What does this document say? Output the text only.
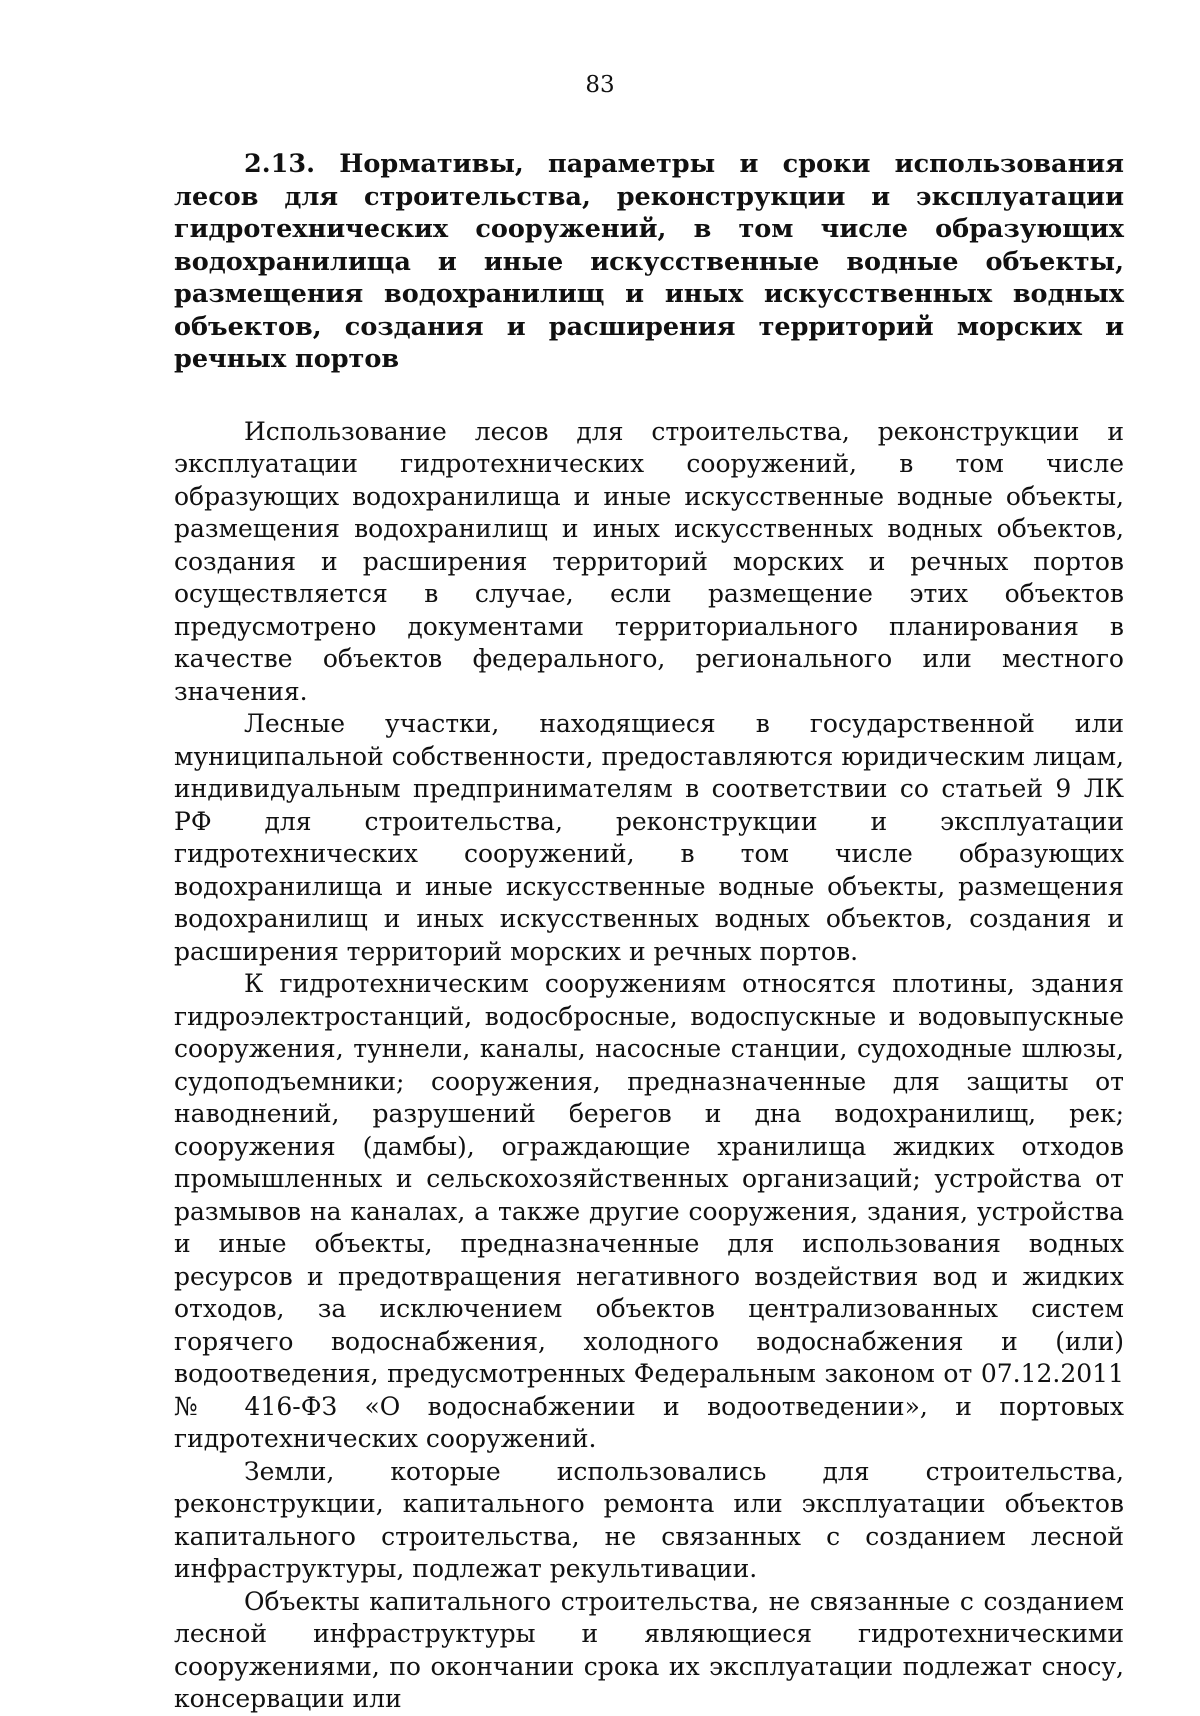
83

2.13. Нормативы, параметры и сроки использования лесов для строительства, реконструкции и эксплуатации гидротехнических сооружений, в том числе образующих водохранилища и иные искусственные водные объекты, размещения водохранилищ и иных искусственных водных объектов, создания и расширения территорий морских и речных портов

Использование лесов для строительства, реконструкции и эксплуатации гидротехнических сооружений, в том числе образующих водохранилища и иные искусственные водные объекты, размещения водохранилищ и иных искусственных водных объектов, создания и расширения территорий морских и речных портов осуществляется в случае, если размещение этих объектов предусмотрено документами территориального планирования в качестве объектов федерального, регионального или местного значения.

Лесные участки, находящиеся в государственной или муниципальной собственности, предоставляются юридическим лицам, индивидуальным предпринимателям в соответствии со статьей 9 ЛК РФ для строительства, реконструкции и эксплуатации гидротехнических сооружений, в том числе образующих водохранилища и иные искусственные водные объекты, размещения водохранилищ и иных искусственных водных объектов, создания и расширения территорий морских и речных портов.

К гидротехническим сооружениям относятся плотины, здания гидроэлектростанций, водосбросные, водоспускные и водовыпускные сооружения, туннели, каналы, насосные станции, судоходные шлюзы, судоподъемники; сооружения, предназначенные для защиты от наводнений, разрушений берегов и дна водохранилищ, рек; сооружения (дамбы), ограждающие хранилища жидких отходов промышленных и сельскохозяйственных организаций; устройства от размывов на каналах, а также другие сооружения, здания, устройства и иные объекты, предназначенные для использования водных ресурсов и предотвращения негативного воздействия вод и жидких отходов, за исключением объектов централизованных систем горячего водоснабжения, холодного водоснабжения и (или) водоотведения, предусмотренных Федеральным законом от 07.12.2011 № 416-ФЗ «О водоснабжении и водоотведении», и портовых гидротехнических сооружений.

Земли, которые использовались для строительства, реконструкции, капитального ремонта или эксплуатации объектов капитального строительства, не связанных с созданием лесной инфраструктуры, подлежат рекультивации.

Объекты капитального строительства, не связанные с созданием лесной инфраструктуры и являющиеся гидротехническими сооружениями, по окончании срока их эксплуатации подлежат сносу, консервации или
